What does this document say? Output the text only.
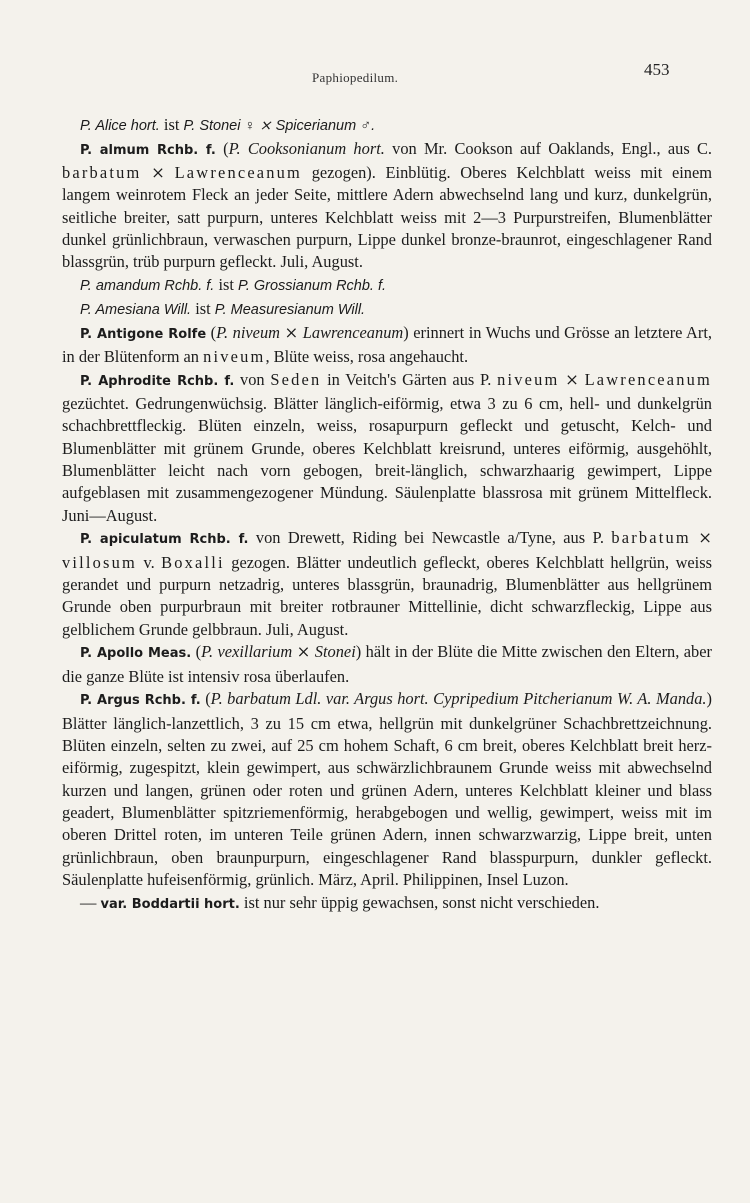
Paphiopedilum.	453

P. Alice hort. ist P. Stonei ♀ ⨯ Spicerianum ♂.

P. almum Rchb. f. (P. Cooksonianum hort. von Mr. Cookson auf Oaklands, Engl., aus C. barbatum ⨯ Lawrenceanum gezogen). Einblütig. Oberes Kelchblatt weiss mit einem langem weinrotem Fleck an jeder Seite, mittlere Adern abwechselnd lang und kurz, dunkelgrün, seitliche breiter, satt purpurn, unteres Kelchblatt weiss mit 2—3 Purpurstreifen, Blumenblätter dunkel grünlichbraun, verwaschen purpurn, Lippe dunkel bronze-braunrot, eingeschlagener Rand blassgrün, trüb purpurn gefleckt. Juli, August.

P. amandum Rchb. f. ist P. Grossianum Rchb. f.

P. Amesiana Will. ist P. Measuresianum Will.

P. Antigone Rolfe (P. niveum ⨯ Lawrenceanum) erinnert in Wuchs und Grösse an letztere Art, in der Blütenform an niveum, Blüte weiss, rosa angehaucht.

P. Aphrodite Rchb. f. von Seden in Veitch's Gärten aus P. niveum ⨯ Lawrenceanum gezüchtet. Gedrungenwüchsig. Blätter länglich-eiförmig, etwa 3 zu 6 cm, hell- und dunkelgrün schachbrettfleckig. Blüten einzeln, weiss, rosapurpurn gefleckt und getuscht, Kelch- und Blumenblätter mit grünem Grunde, oberes Kelchblatt kreisrund, unteres eiförmig, ausgehöhlt, Blumenblätter leicht nach vorn gebogen, breit-länglich, schwarzhaarig gewimpert, Lippe aufgeblasen mit zusammengezogener Mündung. Säulenplatte blassrosa mit grünem Mittelfleck. Juni—August.

P. apiculatum Rchb. f. von Drewett, Riding bei Newcastle a/Tyne, aus P. barbatum ⨯ villosum v. Boxalli gezogen. Blätter undeutlich gefleckt, oberes Kelchblatt hellgrün, weiss gerandet und purpurn netzadrig, unteres blassgrün, braunadrig, Blumenblätter aus hellgrünem Grunde oben purpurbraun mit breiter rotbrauner Mittellinie, dicht schwarzfleckig, Lippe aus gelblichem Grunde gelbbraun. Juli, August.

P. Apollo Meas. (P. vexillarium ⨯ Stonei) hält in der Blüte die Mitte zwischen den Eltern, aber die ganze Blüte ist intensiv rosa überlaufen.

P. Argus Rchb. f. (P. barbatum Ldl. var. Argus hort. Cypripedium Pitcherianum W. A. Manda.) Blätter länglich-lanzettlich, 3 zu 15 cm etwa, hellgrün mit dunkelgrüner Schachbrettzeichnung. Blüten einzeln, selten zu zwei, auf 25 cm hohem Schaft, 6 cm breit, oberes Kelchblatt breit herz-eiförmig, zugespitzt, klein gewimpert, aus schwärzlichbraunem Grunde weiss mit abwechselnd kurzen und langen, grünen oder roten und grünen Adern, unteres Kelchblatt kleiner und blass geadert, Blumenblätter spitzriemenförmig, herabgebogen und wellig, gewimpert, weiss mit im oberen Drittel roten, im unteren Teile grünen Adern, innen schwarzwarzig, Lippe breit, unten grünlichbraun, oben braunpurpurn, eingeschlagener Rand blasspurpurn, dunkler gefleckt. Säulenplatte hufeisenförmig, grünlich. März, April. Philippinen, Insel Luzon.

— var. Boddartii hort. ist nur sehr üppig gewachsen, sonst nicht verschieden.
